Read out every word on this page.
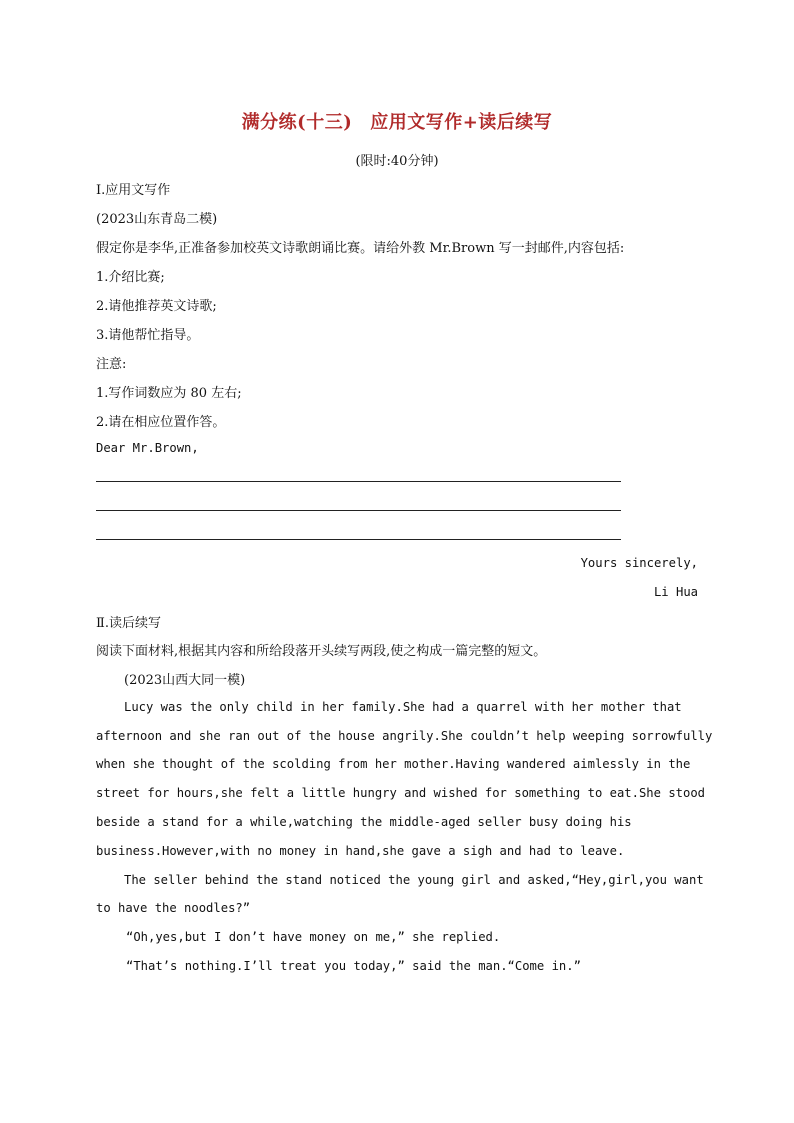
满分练(十三) 应用文写作+读后续写
(限时:40分钟)
Ⅰ.应用文写作
(2023山东青岛二模)
假定你是李华,正准备参加校英文诗歌朗诵比赛。请给外教 Mr.Brown 写一封邮件,内容包括:
1.介绍比赛;
2.请他推荐英文诗歌;
3.请他帮忙指导。
注意:
1.写作词数应为 80 左右;
2.请在相应位置作答。
Dear Mr.Brown,
Yours sincerely,
Li Hua
Ⅱ.读后续写
阅读下面材料,根据其内容和所给段落开头续写两段,使之构成一篇完整的短文。
(2023山西大同一模)
Lucy was the only child in her family.She had a quarrel with her mother that
afternoon and she ran out of the house angrily.She couldn’t help weeping sorrowfully
when she thought of the scolding from her mother.Having wandered aimlessly in the
street for hours,she felt a little hungry and wished for something to eat.She stood
beside a stand for a while,watching the middle-aged seller busy doing his
business.However,with no money in hand,she gave a sigh and had to leave.
The seller behind the stand noticed the young girl and asked,“Hey,girl,you want
to have the noodles?”
“Oh,yes,but I don’t have money on me,” she replied.
“That’s nothing.I’ll treat you today,” said the man.“Come in.”
